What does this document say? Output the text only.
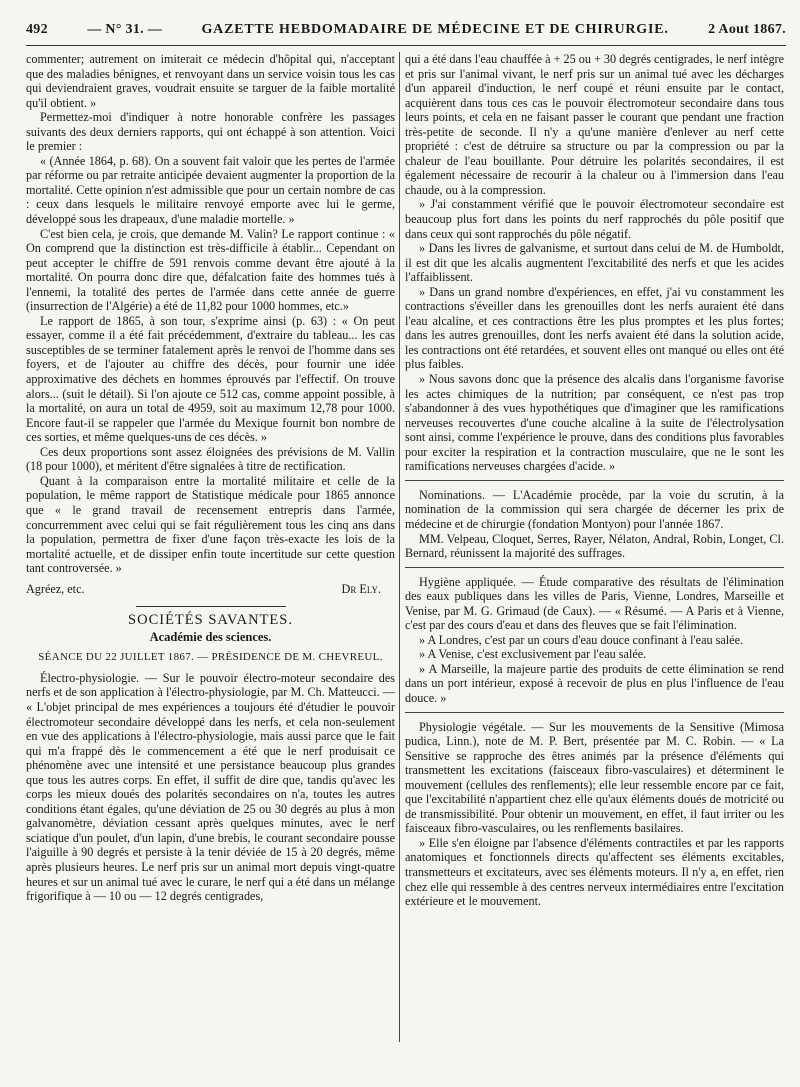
492	— N° 31. —	GAZETTE HEBDOMADAIRE DE MÉDECINE ET DE CHIRURGIE.	2 Aout 1867.

commenter; autrement on imiterait ce médecin d'hôpital qui, n'acceptant que des maladies bénignes, et renvoyant dans un service voisin tous les cas qui deviendraient graves, voudrait ensuite se targuer de la faible mortalité qu'il obtient. »

Permettez-moi d'indiquer à notre honorable confrère les passages suivants des deux derniers rapports, qui ont échappé à son attention. Voici le premier :

« (Année 1864, p. 68). On a souvent fait valoir que les pertes de l'armée par réforme ou par retraite anticipée devaient augmenter la proportion de la mortalité. Cette opinion n'est admissible que pour un certain nombre de cas : ceux dans lesquels le militaire renvoyé emporte avec lui le germe, développé sous les drapeaux, d'une maladie mortelle. »

C'est bien cela, je crois, que demande M. Valin? Le rapport continue : « On comprend que la distinction est très-difficile à établir... Cependant on peut accepter le chiffre de 591 renvois comme devant être ajouté à la mortalité. On pourra donc dire que, défalcation faite des hommes tués à l'ennemi, la totalité des pertes de l'armée dans cette année de guerre (insurrection de l'Algérie) a été de 11,82 pour 1000 hommes, etc.»

Le rapport de 1865, à son tour, s'exprime ainsi (p. 63) : « On peut essayer, comme il a été fait précédemment, d'extraire du tableau... les cas susceptibles de se terminer fatalement après le renvoi de l'homme dans ses foyers, et de l'ajouter au chiffre des décès, pour fournir une idée approximative des déchets en hommes éprouvés par l'effectif. On trouve alors... (suit le détail). Si l'on ajoute ce 512 cas, comme appoint possible, à la mortalité, on aura un total de 4959, soit au maximum 12,78 pour 1000. Encore faut-il se rappeler que l'armée du Mexique fournit bon nombre de ces sorties, et même quelques-uns de ces décès. »

Ces deux proportions sont assez éloignées des prévisions de M. Vallin (18 pour 1000), et méritent d'être signalées à titre de rectification.

Quant à la comparaison entre la mortalité militaire et celle de la population, le même rapport de Statistique médicale pour 1865 annonce que « le grand travail de recensement entrepris dans l'armée, concurremment avec celui qui se fait régulièrement tous les cinq ans dans la population, permettra de fixer d'une façon très-exacte les lois de la mortalité actuelle, et de dissiper enfin toute incertitude sur cette question tant controversée. »

Agréez, etc.	Dr Ely.
SOCIÉTÉS SAVANTES.
Académie des sciences.
SÉANCE DU 22 JUILLET 1867. — PRÉSIDENCE DE M. CHEVREUL.

Électro-physiologie. — Sur le pouvoir électro-moteur secondaire des nerfs et de son application à l'électro-physiologie, par M. Ch. Matteucci. — « L'objet principal de mes expériences a toujours été d'étudier le pouvoir électromoteur secondaire développé dans les nerfs, et cela non-seulement en vue des applications à l'électro-physiologie, mais aussi parce que le fait qui m'a frappé dès le commencement a été que le nerf produisait ce phénomène avec une intensité et une persistance beaucoup plus grandes que tous les autres corps. En effet, il suffit de dire que, tandis qu'avec les corps les mieux doués des polarités secondaires on n'a, toutes les autres conditions étant égales, qu'une déviation de 25 ou 30 degrés au plus à mon galvanomètre, déviation cessant après quelques minutes, avec le nerf sciatique d'un poulet, d'un lapin, d'une brebis, le courant secondaire pousse l'aiguille à 90 degrés et persiste à la tenir déviée de 15 à 20 degrés, même après plusieurs heures. Le nerf pris sur un animal mort depuis vingt-quatre heures et sur un animal tué avec le curare, le nerf qui a été dans un mélange frigorifique à — 10 ou — 12 degrés centigrades,

qui a été dans l'eau chauffée à + 25 ou + 30 degrés centigrades, le nerf intègre et pris sur l'animal vivant, le nerf pris sur un animal tué avec les décharges d'un appareil d'induction, le nerf coupé et réuni ensuite par le contact, acquièrent dans tous ces cas le pouvoir électromoteur secondaire dans tous leurs points, et cela en ne faisant passer le courant que pendant une fraction très-petite de seconde. Il n'y a qu'une manière d'enlever au nerf cette propriété : c'est de détruire sa structure ou par la compression ou par la chaleur de l'eau bouillante. Pour détruire les polarités secondaires, il est également nécessaire de recourir à la chaleur ou à l'immersion dans l'eau chaude, ou à la compression.

» J'ai constamment vérifié que le pouvoir électromoteur secondaire est beaucoup plus fort dans les points du nerf rapprochés du pôle positif que dans ceux qui sont rapprochés du pôle négatif.

» Dans les livres de galvanisme, et surtout dans celui de M. de Humboldt, il est dit que les alcalis augmentent l'excitabilité des nerfs et que les acides l'affaiblissent.

» Dans un grand nombre d'expériences, en effet, j'ai vu constamment les contractions s'éveiller dans les grenouilles dont les nerfs auraient été dans l'eau alcaline, et ces contractions être les plus promptes et les plus fortes; dans les autres grenouilles, dont les nerfs avaient été dans la solution acide, les contractions ont été retardées, et souvent elles ont manqué ou elles ont été plus faibles.

» Nous savons donc que la présence des alcalis dans l'organisme favorise les actes chimiques de la nutrition; par conséquent, ce n'est pas trop s'abandonner à des vues hypothétiques que d'imaginer que les ramifications nerveuses recouvertes d'une couche alcaline à la suite de l'électrolysation sont ainsi, comme l'expérience le prouve, dans des conditions plus favorables pour exciter la respiration et la contraction musculaire, que ne le sont les ramifications nerveuses chargées d'acide. »

Nominations. — L'Académie procède, par la voie du scrutin, à la nomination de la commission qui sera chargée de décerner les prix de médecine et de chirurgie (fondation Montyon) pour l'année 1867.

MM. Velpeau, Cloquet, Serres, Rayer, Nélaton, Andral, Robin, Longet, Cl. Bernard, réunissent la majorité des suffrages.

Hygiène appliquée. — Étude comparative des résultats de l'élimination des eaux publiques dans les villes de Paris, Vienne, Londres, Marseille et Venise, par M. G. Grimaud (de Caux). — « Résumé. — A Paris et à Vienne, c'est par des cours d'eau et dans des fleuves que se fait l'élimination.

» A Londres, c'est par un cours d'eau douce confinant à l'eau salée.

» A Venise, c'est exclusivement par l'eau salée.

» A Marseille, la majeure partie des produits de cette élimination se rend dans un port intérieur, exposé à recevoir de plus en plus l'influence de l'eau douce. »

Physiologie végétale. — Sur les mouvements de la Sensitive (Mimosa pudica, Linn.), note de M. P. Bert, présentée par M. C. Robin. — « La Sensitive se rapproche des êtres animés par la présence d'éléments qui transmettent les excitations (faisceaux fibro-vasculaires) et déterminent le mouvement (cellules des renflements); elle leur ressemble encore par ce fait, que l'excitabilité n'appartient chez elle qu'aux éléments doués de motricité ou de transmissibilité. Pour obtenir un mouvement, en effet, il faut irriter ou les faisceaux fibro-vasculaires, ou les renflements basilaires.

» Elle s'en éloigne par l'absence d'éléments contractiles et par les rapports anatomiques et fonctionnels directs qu'affectent ses éléments excitables, transmetteurs et excitateurs, avec ses éléments moteurs. Il n'y a, en effet, rien chez elle qui ressemble à des centres nerveux intermédiaires entre l'excitation extérieure et le mouvement.
